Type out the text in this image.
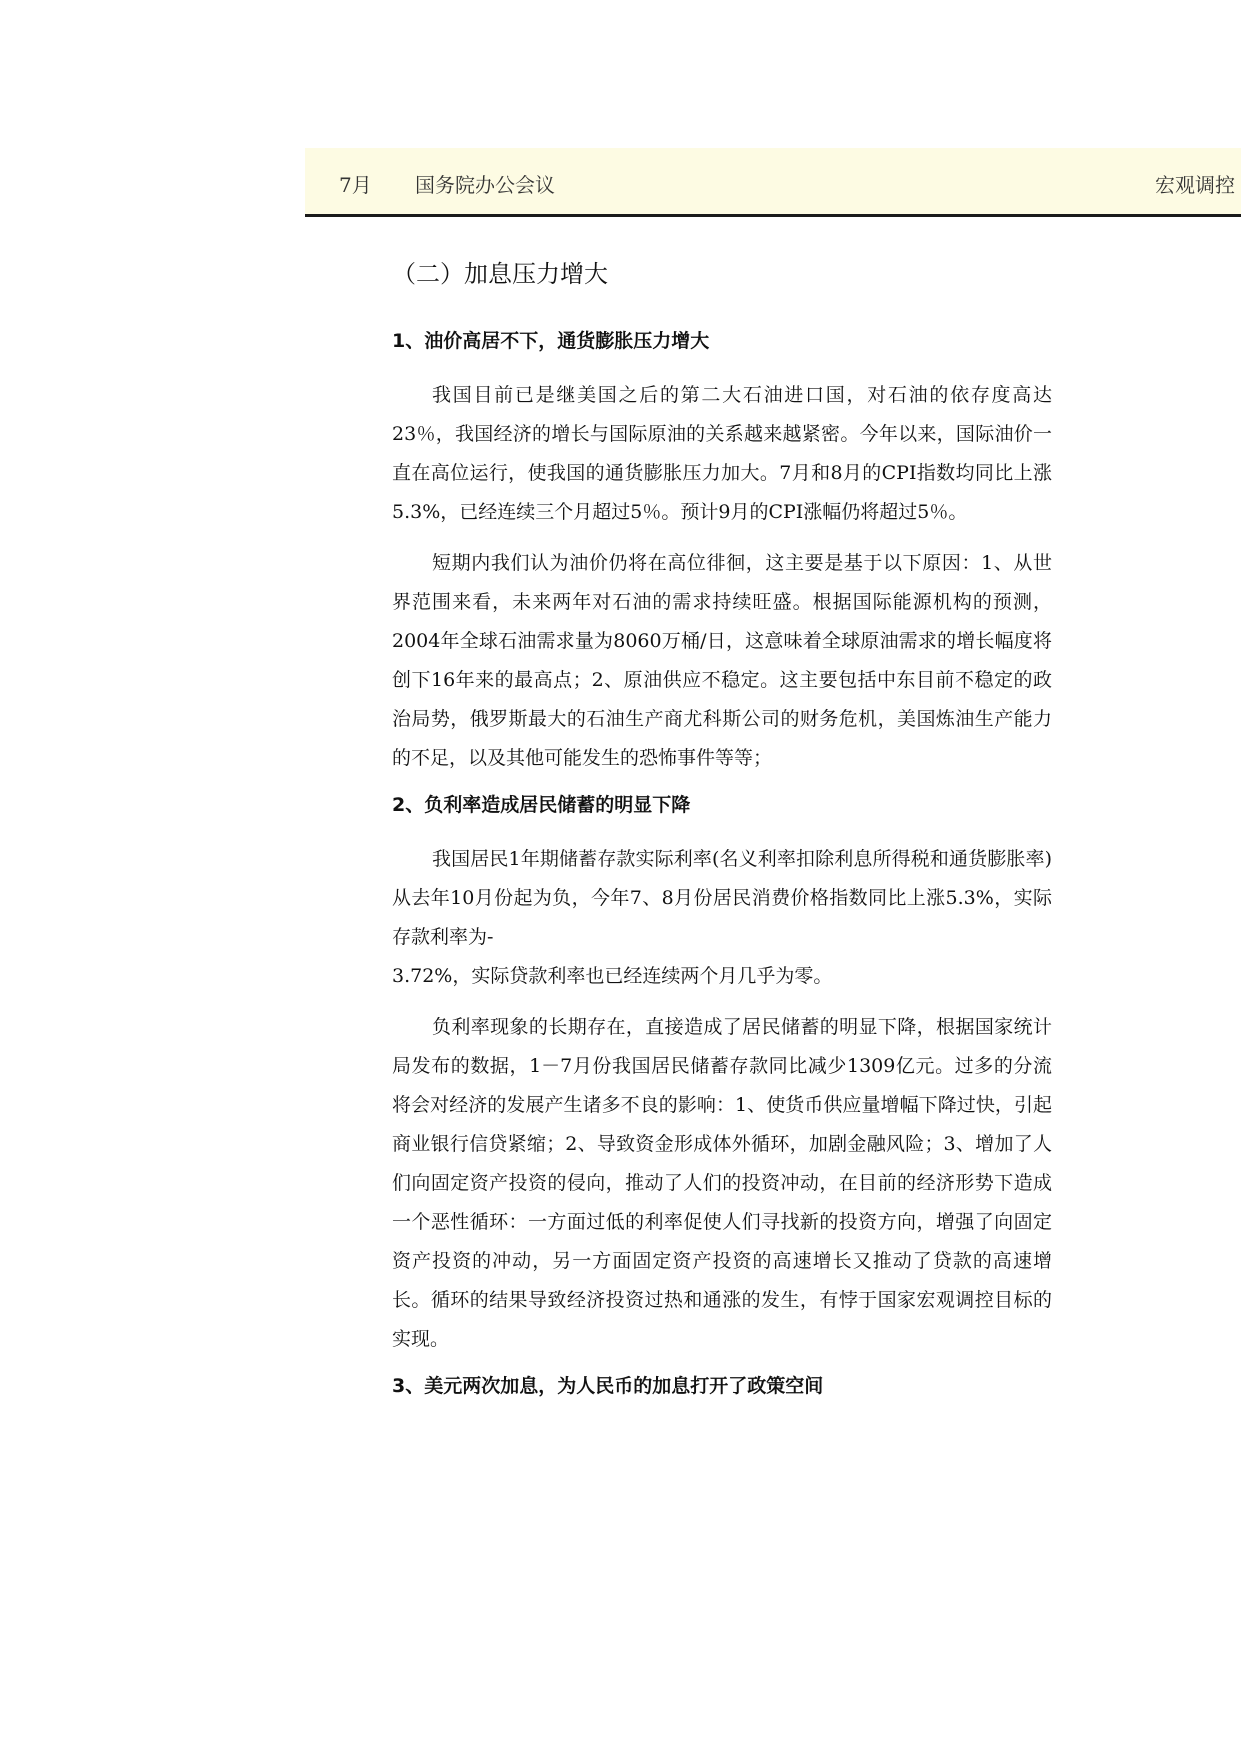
7月 国务院办公会议	宏观调控
（二）加息压力增大
1、油价高居不下，通货膨胀压力增大

我国目前已是继美国之后的第二大石油进口国，对石油的依存度高达23％，我国经济的增长与国际原油的关系越来越紧密。今年以来，国际油价一直在高位运行，使我国的通货膨胀压力加大。7月和8月的CPI指数均同比上涨5.3%，已经连续三个月超过5％。预计9月的CPI涨幅仍将超过5％。

短期内我们认为油价仍将在高位徘徊，这主要是基于以下原因：1、从世界范围来看，未来两年对石油的需求持续旺盛。根据国际能源机构的预测，2004年全球石油需求量为8060万桶/日，这意味着全球原油需求的增长幅度将创下16年来的最高点；2、原油供应不稳定。这主要包括中东目前不稳定的政治局势，俄罗斯最大的石油生产商尤科斯公司的财务危机，美国炼油生产能力的不足，以及其他可能发生的恐怖事件等等；

2、负利率造成居民储蓄的明显下降

我国居民1年期储蓄存款实际利率(名义利率扣除利息所得税和通货膨胀率)从去年10月份起为负，今年7、8月份居民消费价格指数同比上涨5.3%，实际存款利率为-

3.72%，实际贷款利率也已经连续两个月几乎为零。

负利率现象的长期存在，直接造成了居民储蓄的明显下降，根据国家统计局发布的数据，1－7月份我国居民储蓄存款同比减少1309亿元。过多的分流将会对经济的发展产生诸多不良的影响：1、使货币供应量增幅下降过快，引起商业银行信贷紧缩；2、导致资金形成体外循环，加剧金融风险；3、增加了人们向固定资产投资的侵向，推动了人们的投资冲动，在目前的经济形势下造成一个恶性循环：一方面过低的利率促使人们寻找新的投资方向，增强了向固定资产投资的冲动，另一方面固定资产投资的高速增长又推动了贷款的高速增长。循环的结果导致经济投资过热和通涨的发生，有悖于国家宏观调控目标的实现。

3、美元两次加息，为人民币的加息打开了政策空间
